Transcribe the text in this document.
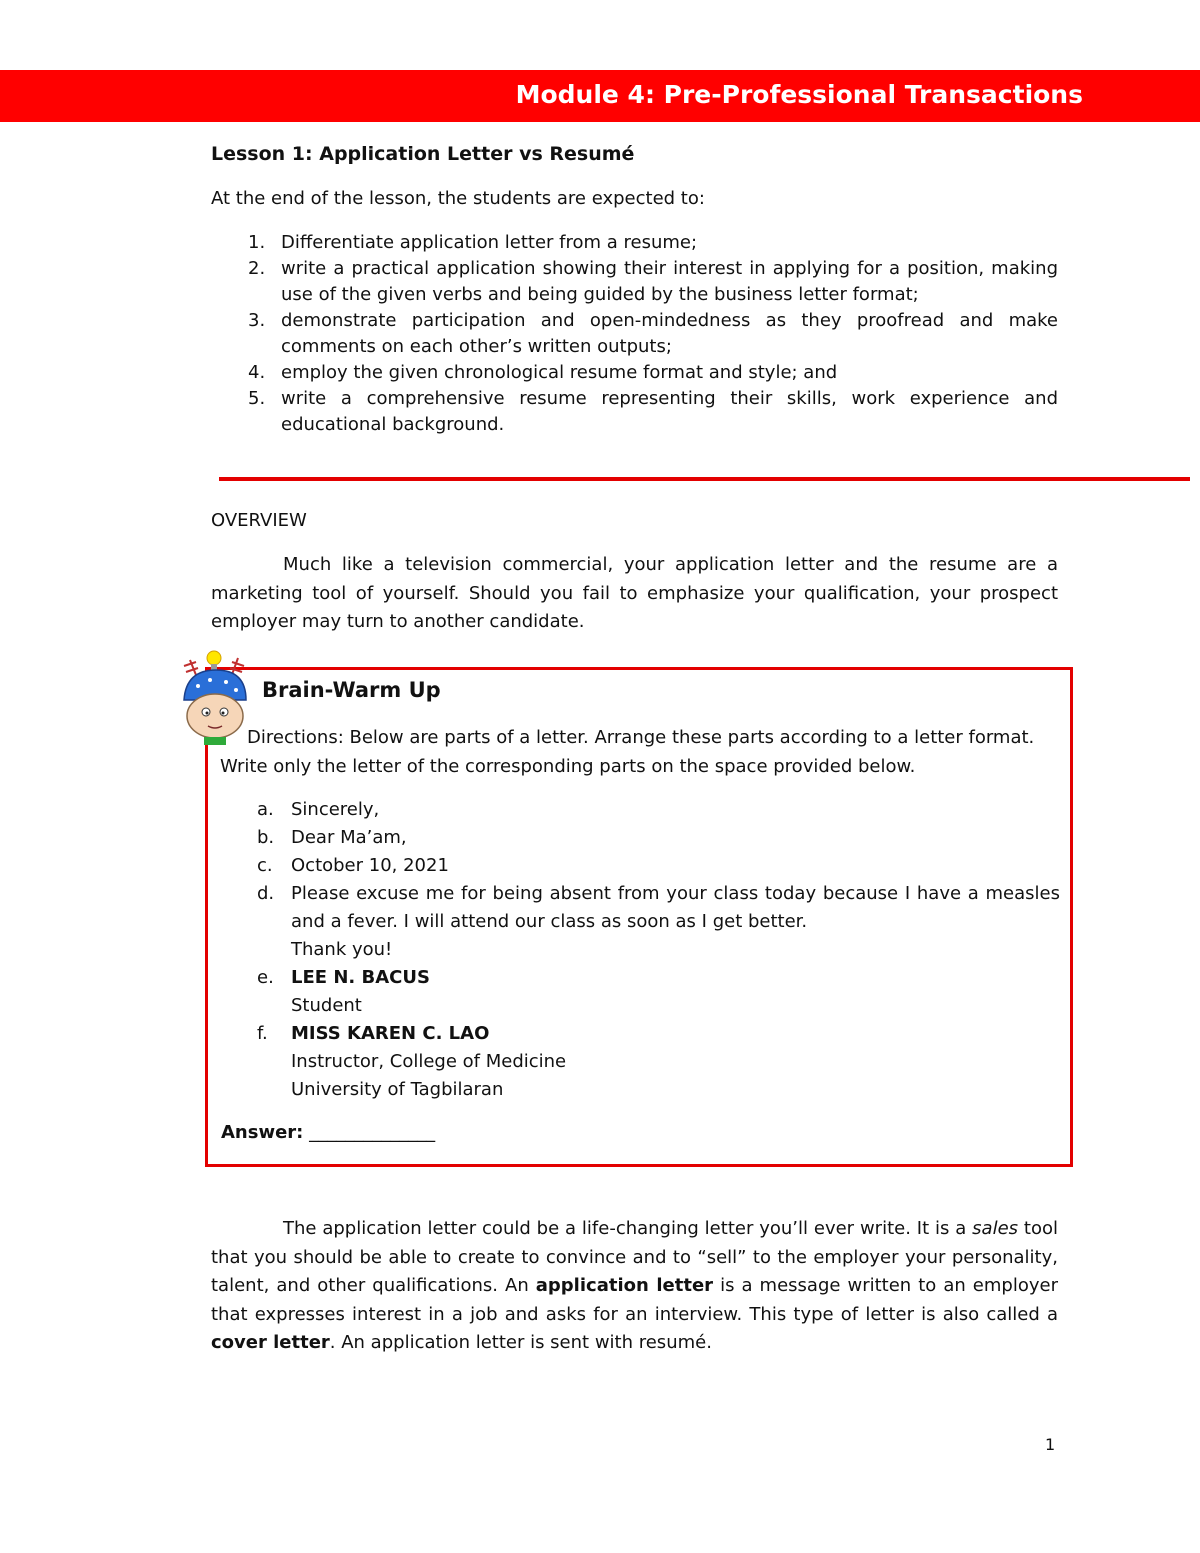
Module 4: Pre-Professional Transactions
Lesson 1: Application Letter vs Resumé
At the end of the lesson, the students are expected to:
1. Differentiate application letter from a resume;
2. write a practical application showing their interest in applying for a position, making use of the given verbs and being guided by the business letter format;
3. demonstrate participation and open-mindedness as they proofread and make comments on each other’s written outputs;
4. employ the given chronological resume format and style; and
5. write a comprehensive resume representing their skills, work experience and educational background.
OVERVIEW

Much like a television commercial, your application letter and the resume are a marketing tool of yourself. Should you fail to emphasize your qualification, your prospect employer may turn to another candidate.

Brain-Warm Up

Directions: Below are parts of a letter. Arrange these parts according to a letter format.
Write only the letter of the corresponding parts on the space provided below.

a. Sincerely,
b. Dear Ma’am,
c. October 10, 2021
d. Please excuse me for being absent from your class today because I have a measles and a fever. I will attend our class as soon as I get better.
Thank you!
e. LEE N. BACUS
Student
f. MISS KAREN C. LAO
Instructor, College of Medicine
University of Tagbilaran
Answer: ______________

The application letter could be a life-changing letter you’ll ever write. It is a sales tool that you should be able to create to convince and to “sell” to the employer your personality, talent, and other qualifications. An application letter is a message written to an employer that expresses interest in a job and asks for an interview. This type of letter is also called a cover letter. An application letter is sent with resumé.

1
